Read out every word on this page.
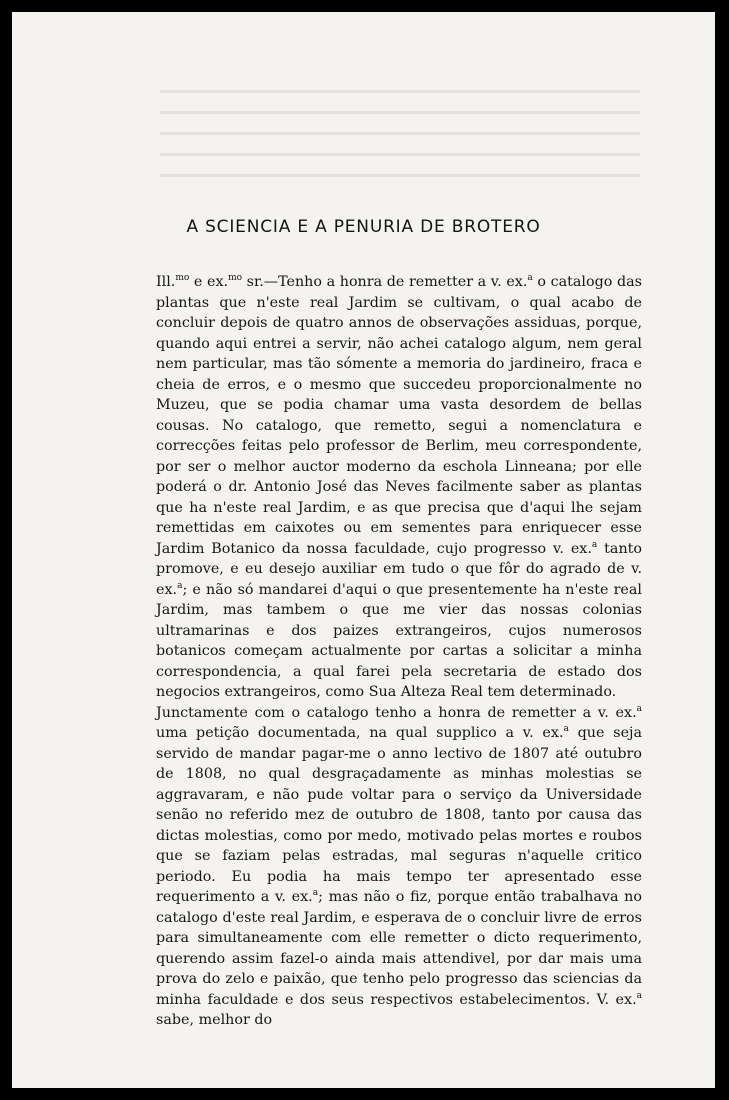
A SCIENCIA E A PENURIA DE BROTERO

Ill.$^{mo}$ e ex.$^{mo}$ sr.—Tenho a honra de remetter a v. ex.$^a$ o catalogo das plantas que n'este real Jardim se cultivam, o qual acabo de concluir depois de quatro annos de observações assiduas, porque, quando aqui entrei a servir, não achei catalogo algum, nem geral nem particular, mas tão sómente a memoria do jardineiro, fraca e cheia de erros, e o mesmo que succedeu proporcionalmente no Muzeu, que se podia chamar uma vasta desordem de bellas cousas. No catalogo, que remetto, segui a nomenclatura e correcções feitas pelo professor de Berlim, meu correspondente, por ser o melhor auctor moderno da eschola Linneana; por elle poderá o dr. Antonio José das Neves facilmente saber as plantas que ha n'este real Jardim, e as que precisa que d'aqui lhe sejam remettidas em caixotes ou em sementes para enriquecer esse Jardim Botanico da nossa faculdade, cujo progresso v. ex.$^a$ tanto promove, e eu desejo auxiliar em tudo o que fôr do agrado de v. ex.$^a$; e não só mandarei d'aqui o que presentemente ha n'este real Jardim, mas tambem o que me vier das nossas colonias ultramarinas e dos paizes extrangeiros, cujos numerosos botanicos começam actualmente por cartas a solicitar a minha correspondencia, a qual farei pela secretaria de estado dos negocios extrangeiros, como Sua Alteza Real tem determinado.

Junctamente com o catalogo tenho a honra de remetter a v. ex.$^a$ uma petição documentada, na qual supplico a v. ex.$^a$ que seja servido de mandar pagar-me o anno lectivo de 1807 até outubro de 1808, no qual desgraçadamente as minhas molestias se aggravaram, e não pude voltar para o serviço da Universidade senão no referido mez de outubro de 1808, tanto por causa das dictas molestias, como por medo, motivado pelas mortes e roubos que se faziam pelas estradas, mal seguras n'aquelle critico periodo. Eu podia ha mais tempo ter apresentado esse requerimento a v. ex.$^a$; mas não o fiz, porque então trabalhava no catalogo d'este real Jardim, e esperava de o concluir livre de erros para simultaneamente com elle remetter o dicto requerimento, querendo assim fazel-o ainda mais attendivel, por dar mais uma prova do zelo e paixão, que tenho pelo progresso das sciencias da minha faculdade e dos seus respectivos estabelecimentos. V. ex.$^a$ sabe, melhor do
